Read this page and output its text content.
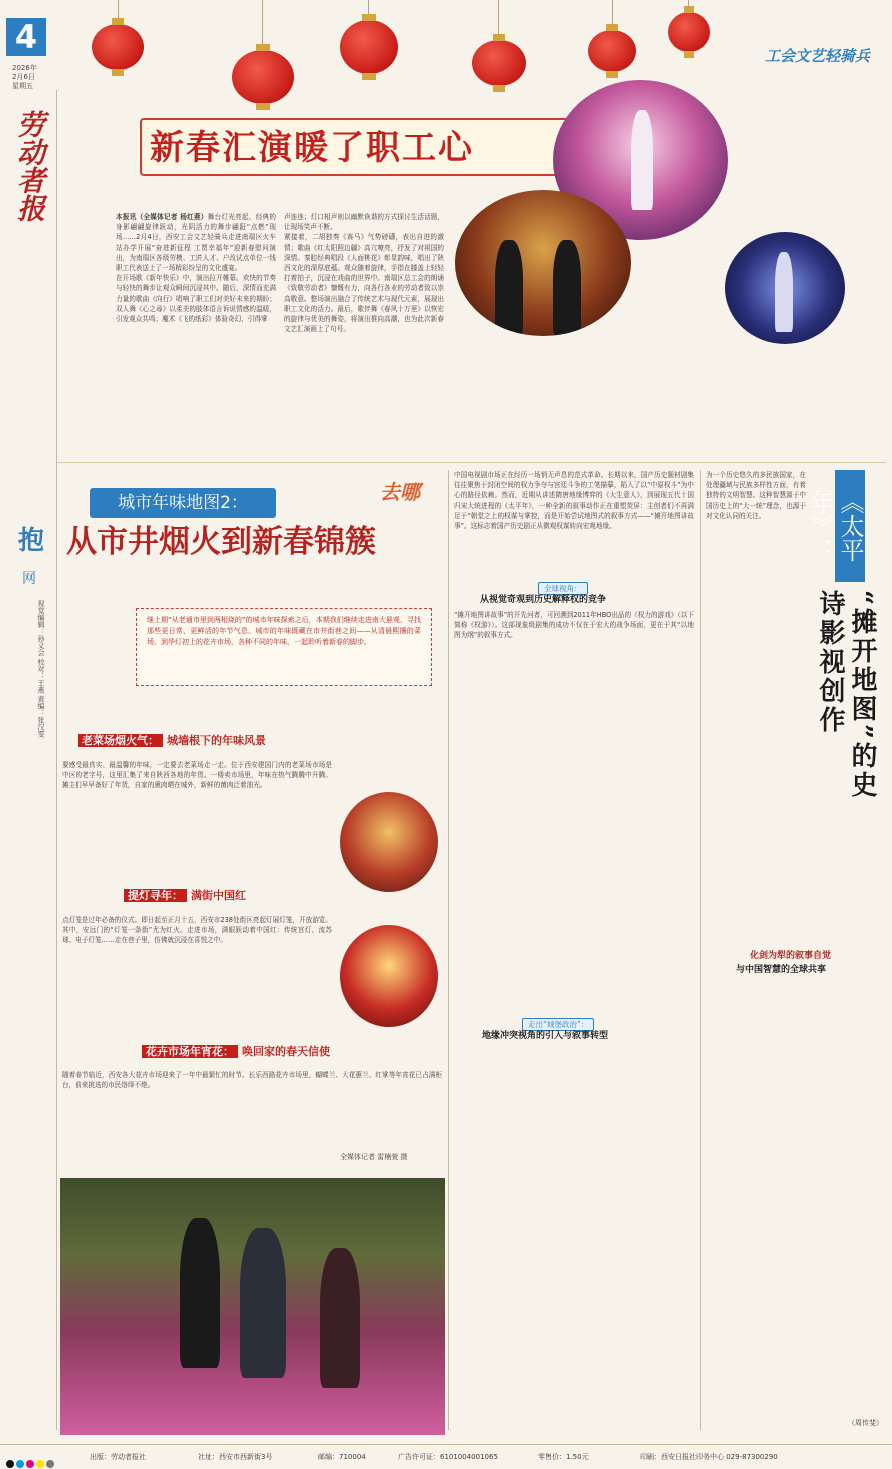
4
2026年
2月6日
星期五
劳动者报
工会文艺轻骑兵
新春汇演暖了职工心
本报讯（全媒体记者 杨红燕）舞台灯光亮起，经典的身影翩翩旋律跃动，光阴活力的舞步翩跹“点燃”现场……2月4日，西安工会文艺轻骑兵走进南瑞区火车站办学开展“奋进新征程 工贾幸福年”迎新春慰问演出，为南瑞区各级劳模、工匠人才、户改试点单位一线职工代表送上了一场精彩纷呈的文化盛宴。
在开场歌《新年快乐》中，演出拉开帷幕。欢快的节奏与轻快的舞步让观众瞬间沉浸其中。随后，深情而充满力量的歌曲《向行》唱响了职工们对美好未来的期盼；双人舞《心之尋》以柔美的肢体语言诉说情感的温暖，引发观众共鸣；魔术《飞的纸彩》体验奇幻，引得掌
声连连；灯口相声则以幽默诙谐的方式探讨生活话题，让现场笑声不断。
紧接着，二胡独奏《赛马》气势磅礴，表出自进的激情；歌曲《红太阳照边疆》高亢嘹亮，抒发了对祖国的深情。秦腔经典唱段《人面桃花》彰显韵味，唱出了陕西文化的深厚底蕴。观众随着旋律，手指在膝盖上轻轻打着拍子，沉浸在戏曲的世界中。南瑞区总工会的朗诵《致敬劳动者》慷慨有力，向各行各业的劳动者致以崇高敬意。整场演出融合了传统艺术与现代元素，展现出职工文化的活力。最后，歌伴舞《春风十万里》以恢宏的旋律与优美的舞姿，将演出推向高潮，也为此次新春文艺汇演画上了句号。
抱
网
视觉编辑：孙义会 校对：王燕 责编：张汉雯
城市年味地图2：	去哪
从市井烟火到新春锦簇
继上期“从老通市里到两相烧的”的城市年味探索之后，本期我们继续走进南大悬观，寻找那些更日常，更鲜活的年节气息。城市的年味既藏在市井街巷之间——从清晨熙攘的菜场，到华灯初上的花卉市场，各种不同的年味，一起聆听着新春的脚步。
老菜场烟火气： 城墙根下的年味风景
要感受最真实、最温馨的年味，一定要去老菜场走一走。位于西安建国门内的老菜场市场是中区的老字号，这里汇集了来自陕西各地的年货。一楼卖市场里，年味在热气腾腾中升腾。摊主们早早备好了年货，自家的熏肉晒在城外，新鲜的菌肉泛着油光。
提灯寻年： 满街中国红
点灯笼是过年必备的仪式。即日起至正月十五，西安市238处街区亮起灯展灯笼，开放游览。其中，安远门的“灯笼一条街”尤为红火。走进市场，满眼跃动着中国红：传统宫灯、流苏球、电子灯笼……走在巷子里，仿佛就沉浸在喜悦之中。
花卉市场年宵花： 唤回家的春天信使
随着春节临近，西安各大花卉市场迎来了一年中最繁忙的时节。长乐西路花卉市场里，蝴蝶兰、大花蕙兰、红掌等年宵花已占满柜台，前来挑选的市民络绎不绝。
全媒体记者 雷楠萱 摄
《太平年》：
“摊开地图”的史诗影视创作
中国电视剧市场正在经历一场悄无声息的范式革命。长期以来，国产历史题材剧集往往聚焦于封闭空间的权力争夺与宫廷斗争的工笔描摹，陷入了以“中原权斗”为中心的路径依赖。然而，近期从讲述隋唐地缘博弈的《大生意人》，到展现五代十国归宋大统进程的《太平年》，一种全新的叙事动作正在重塑荧屏：主创者们不再满足于“朝堂之上的权谋与掌控，而是开始尝试地图式的叙事方式——“摊开地图讲故事”。这标志着国产历史剧正从微观权谋转向宏观地缘。
全球视角：
从视觉奇观到历史解释权的竞争
“摊开地图讲故事”的开先河者，可回溯到2011年HBO出品的《权力的游戏》（以下简称《权游》）。这部现象级剧集的成功不仅在于宏大的战争场面，更在于其“以地图为纲”的叙事方式。
走出“城堡政治”：
地缘冲突视角的引入与叙事转型
为一个历史悠久的多民族国家，在处理疆域与民族多样性方面，有着独特的文明智慧。这种智慧源于中国历史上的“大一统”理念，也源于对文化认同的关注。
化剑为犁的叙事自觉
与中国智慧的全球共享
（周传斐）
出版：劳动者报社	社址：西安市西新街3号	邮编：710004	广告许可证：6101004001065	零售价：1.50元	印刷：西安日报社印务中心 029-87300290
